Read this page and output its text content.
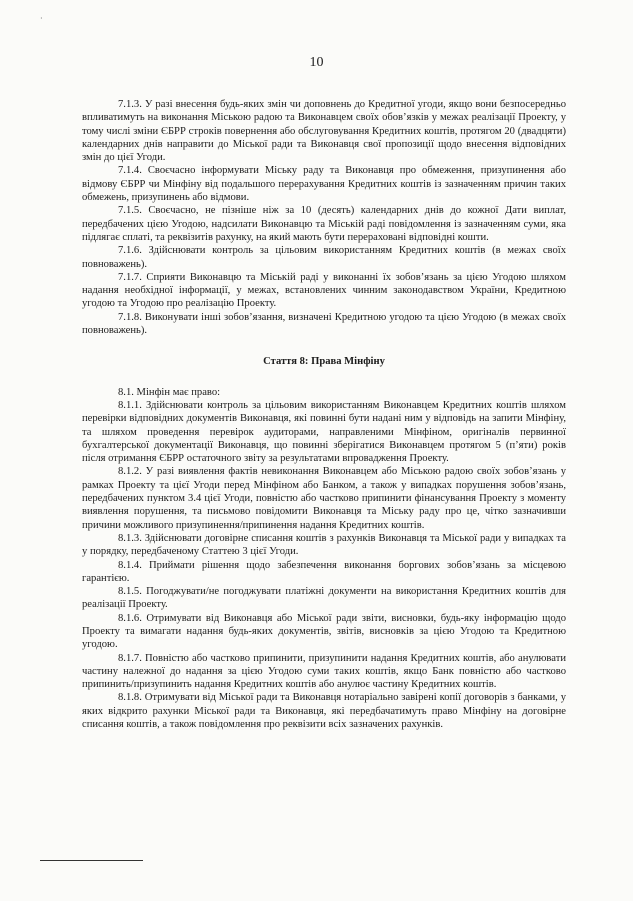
·
10

7.1.3. У разі внесення будь-яких змін чи доповнень до Кредитної угоди, якщо вони безпосередньо впливатимуть на виконання Міською радою та Виконавцем своїх обов’язків у межах реалізації Проекту, у тому числі зміни ЄБРР строків повернення або обслуговування Кредитних коштів, протягом 20 (двадцяти) календарних днів направити до Міської ради та Виконавця свої пропозиції щодо внесення відповідних змін до цієї Угоди.

7.1.4. Своєчасно інформувати Міську раду та Виконавця про обмеження, призупинення або відмову ЄБРР чи Мінфіну від подальшого перерахування Кредитних коштів із зазначенням причин таких обмежень, призупинень або відмови.

7.1.5. Своєчасно, не пізніше ніж за 10 (десять) календарних днів до кожної Дати виплат, передбачених цією Угодою, надсилати Виконавцю та Міській раді повідомлення із зазначенням суми, яка підлягає сплаті, та реквізитів рахунку, на який мають бути перераховані відповідні кошти.

7.1.6. Здійснювати контроль за цільовим використанням Кредитних коштів (в межах своїх повноважень).

7.1.7. Сприяти Виконавцю та Міській раді у виконанні їх зобов’язань за цією Угодою шляхом надання необхідної інформації, у межах, встановлених чинним законодавством України, Кредитною угодою та Угодою про реалізацію Проекту.

7.1.8. Виконувати інші зобов’язання, визначені Кредитною угодою та цією Угодою (в межах своїх повноважень).

Стаття 8: Права Мінфіну

8.1. Мінфін має право:

8.1.1. Здійснювати контроль за цільовим використанням Виконавцем Кредитних коштів шляхом перевірки відповідних документів Виконавця, які повинні бути надані ним у відповідь на запити Мінфіну, та шляхом проведення перевірок аудиторами, направленими Мінфіном, оригіналів первинної бухгалтерської документації Виконавця, що повинні зберігатися Виконавцем протягом 5 (п’яти) років після отримання ЄБРР остаточного звіту за результатами впровадження Проекту.

8.1.2. У разі виявлення фактів невиконання Виконавцем або Міською радою своїх зобов’язань у рамках Проекту та цієї Угоди перед Мінфіном або Банком, а також у випадках порушення зобов’язань, передбачених пунктом 3.4 цієї Угоди, повністю або частково припинити фінансування Проекту з моменту виявлення порушення, та письмово повідомити Виконавця та Міську раду про це, чітко зазначивши причини можливого призупинення/припинення надання Кредитних коштів.

8.1.3. Здійснювати договірне списання коштів з рахунків Виконавця та Міської ради у випадках та у порядку, передбаченому Статтею 3 цієї Угоди.

8.1.4. Приймати рішення щодо забезпечення виконання боргових зобов’язань за місцевою гарантією.

8.1.5. Погоджувати/не погоджувати платіжні документи на використання Кредитних коштів для реалізації Проекту.

8.1.6. Отримувати від Виконавця або Міської ради звіти, висновки, будь-яку інформацію щодо Проекту та вимагати надання будь-яких документів, звітів, висновків за цією Угодою та Кредитною угодою.

8.1.7. Повністю або частково припинити, призупинити надання Кредитних коштів, або анулювати частину належної до надання за цією Угодою суми таких коштів, якщо Банк повністю або частково припинить/призупинить надання Кредитних коштів або анулює частину Кредитних коштів.

8.1.8. Отримувати від Міської ради та Виконавця нотаріально завірені копії договорів з банками, у яких відкрито рахунки Міської ради та Виконавця, які передбачатимуть право Мінфіну на договірне списання коштів, а також повідомлення про реквізити всіх зазначених рахунків.
